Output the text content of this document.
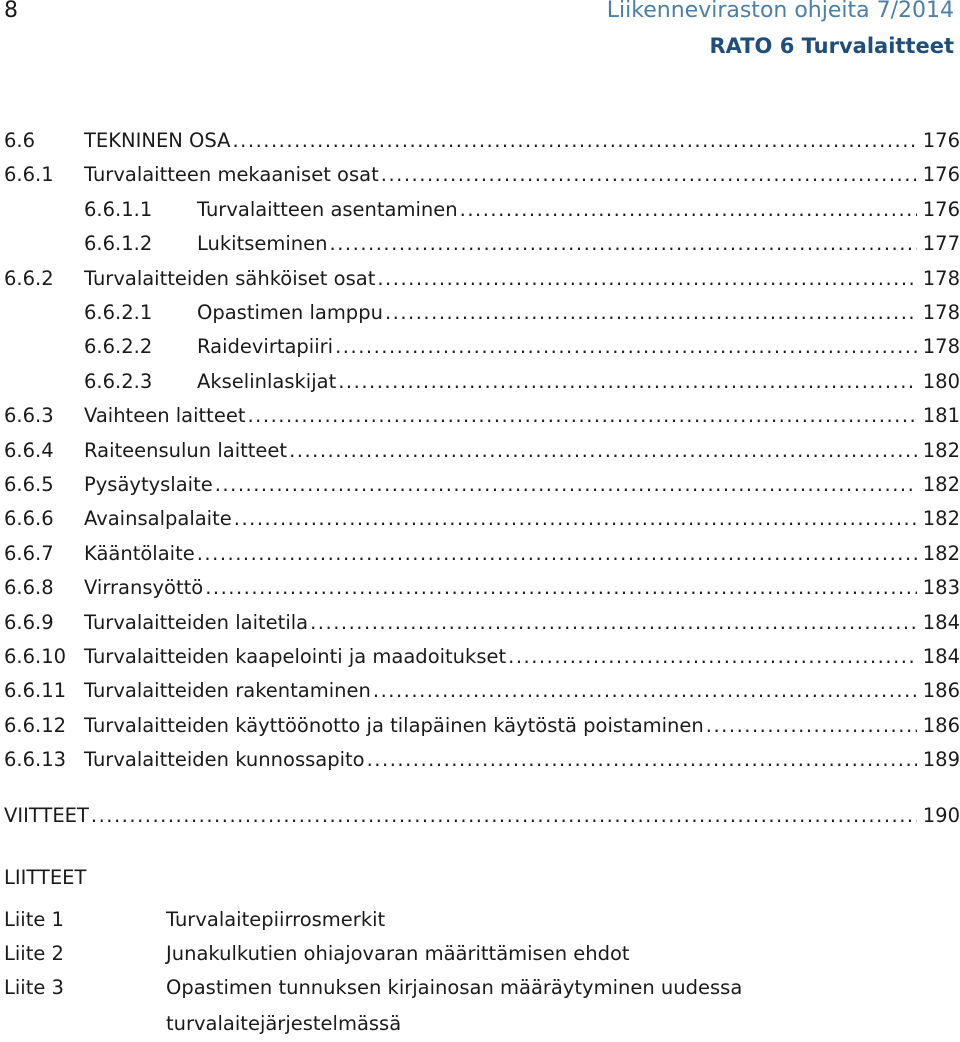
8	Liikenneviraston ohjeita 7/2014
RATO 6 Turvalaitteet
6.6	TEKNINEN OSA .....	176
6.6.1 Turvalaitteen mekaaniset osat .....	176
6.6.1.1 Turvalaitteen asentaminen .....	176
6.6.1.2 Lukitseminen .....	177
6.6.2 Turvalaitteiden sähköiset osat .....	178
6.6.2.1 Opastimen lamppu .....	178
6.6.2.2 Raidevirtapiiri .....	178
6.6.2.3 Akselinlaskijat .....	180
6.6.3 Vaihteen laitteet .....	181
6.6.4 Raiteensulun laitteet .....	182
6.6.5 Pysäytyslaite .....	182
6.6.6 Avainsalpalaite .....	182
6.6.7 Kääntölaite .....	182
6.6.8 Virransyöttö .....	183
6.6.9 Turvalaitteiden laitetila .....	184
6.6.10 Turvalaitteiden kaapelointi ja maadoitukset .....	184
6.6.11 Turvalaitteiden rakentaminen .....	186
6.6.12 Turvalaitteiden käyttöönotto ja tilapäinen käytöstä poistaminen .....	186
6.6.13 Turvalaitteiden kunnossapito .....	189
VIITTEET .....	190
LIITTEET
Liite 1	Turvalaitepiirrosmerkit
Liite 2	Junakulkutien ohiajovaran määrittämisen ehdot
Liite 3	Opastimen tunnuksen kirjainosan määräytyminen uudessa turvalaitejärjestelmässä
